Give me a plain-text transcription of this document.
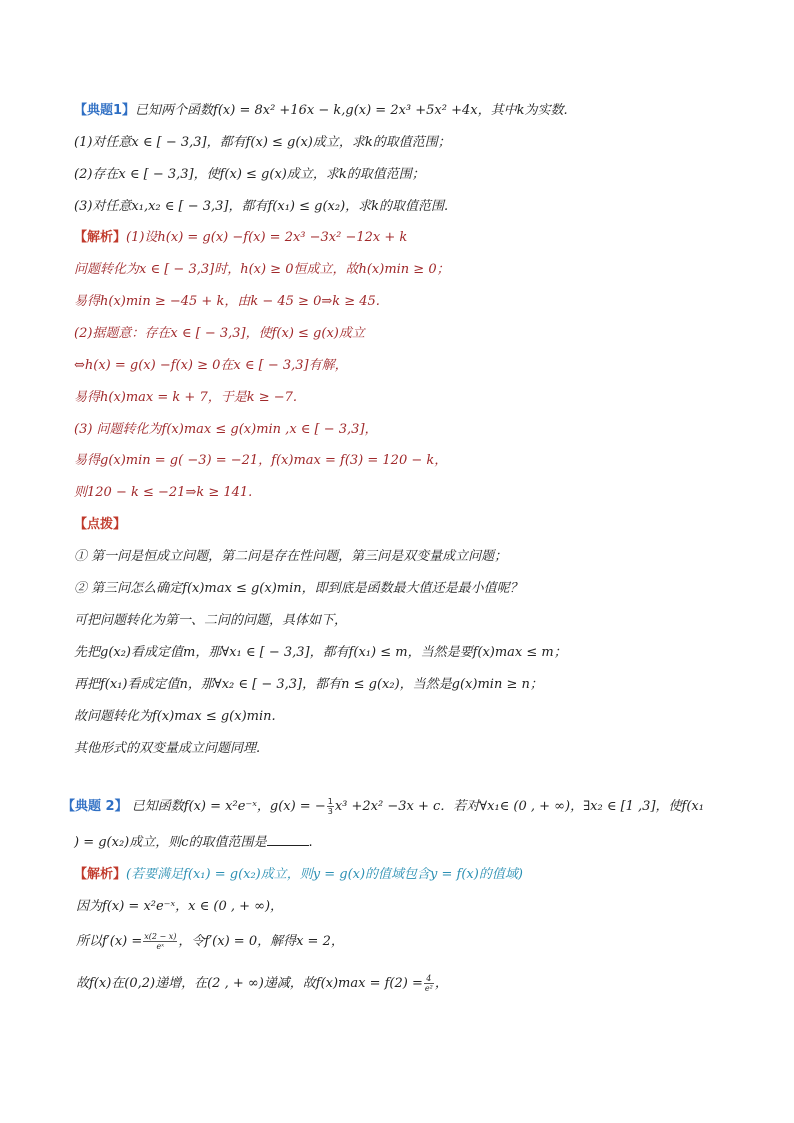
【典题1】已知两个函数f(x) = 8x² +16x − k,g(x) = 2x³ +5x² +4x，其中k为实数.
(1)对任意x ∈ [ − 3,3]，都有f(x) ≤ g(x)成立，求k的取值范围；
(2)存在x ∈ [ − 3,3]，使f(x) ≤ g(x)成立，求k的取值范围；
(3)对任意x₁,x₂ ∈ [ − 3,3]，都有f(x₁) ≤ g(x₂)，求k的取值范围.
【解析】(1)设h(x) = g(x) −f(x) = 2x³ −3x² −12x + k
问题转化为x ∈ [ − 3,3]时，h(x) ≥ 0恒成立，故h(x)min ≥ 0；
易得h(x)min ≥ −45 + k，由k − 45 ≥ 0⇒k ≥ 45.
(2)据题意：存在x ∈ [ − 3,3]，使f(x) ≤ g(x)成立
⇔h(x) = g(x) −f(x) ≥ 0在x ∈ [ − 3,3]有解，
易得h(x)max = k + 7，于是k ≥ −7.
(3) 问题转化为f(x)max ≤ g(x)min ,x ∈ [ − 3,3]，
易得g(x)min = g( −3) = −21，f(x)max = f(3) = 120 − k，
则120 − k ≤ −21⇒k ≥ 141.
【点拨】
① 第一问是恒成立问题，第二问是存在性问题，第三问是双变量成立问题；
② 第三问怎么确定f(x)max ≤ g(x)min，即到底是函数最大值还是最小值呢？
可把问题转化为第一、二问的问题，具体如下，
先把g(x₂)看成定值m，那∀x₁ ∈ [ − 3,3]，都有f(x₁) ≤ m，当然是要f(x)max ≤ m；
再把f(x₁)看成定值n，那∀x₂ ∈ [ − 3,3]，都有n ≤ g(x₂)，当然是g(x)min ≥ n；
故问题转化为f(x)max ≤ g(x)min.
其他形式的双变量成立问题同理.
【典题 2】 已知函数f(x) = x²e⁻ˣ，g(x) = − $\frac{1}{3} x^3 +2x^2 -3x + c$．若对∀x₁∈ (0 , + ∞)，∃x₂ ∈ [1 ,3]，使f(x₁
) = g(x₂)成立，则c的取值范围是	.
【解析】(若要满足f(x₁) = g(x₂)成立，则y = g(x)的值域包含y = f(x)的值域)
因为f(x) = x²e⁻ˣ，x ∈ (0 , + ∞)，
所以$f'(x) = \frac{x(2 - x)}{\text{eˣ}}$ ，令f′(x) = 0，解得x = 2，
故f(x)在(0,2)递增，在(2 , + ∞)递减，故$f(x)\max = f(2) = \frac{4}{\text{e²}}$ ，
